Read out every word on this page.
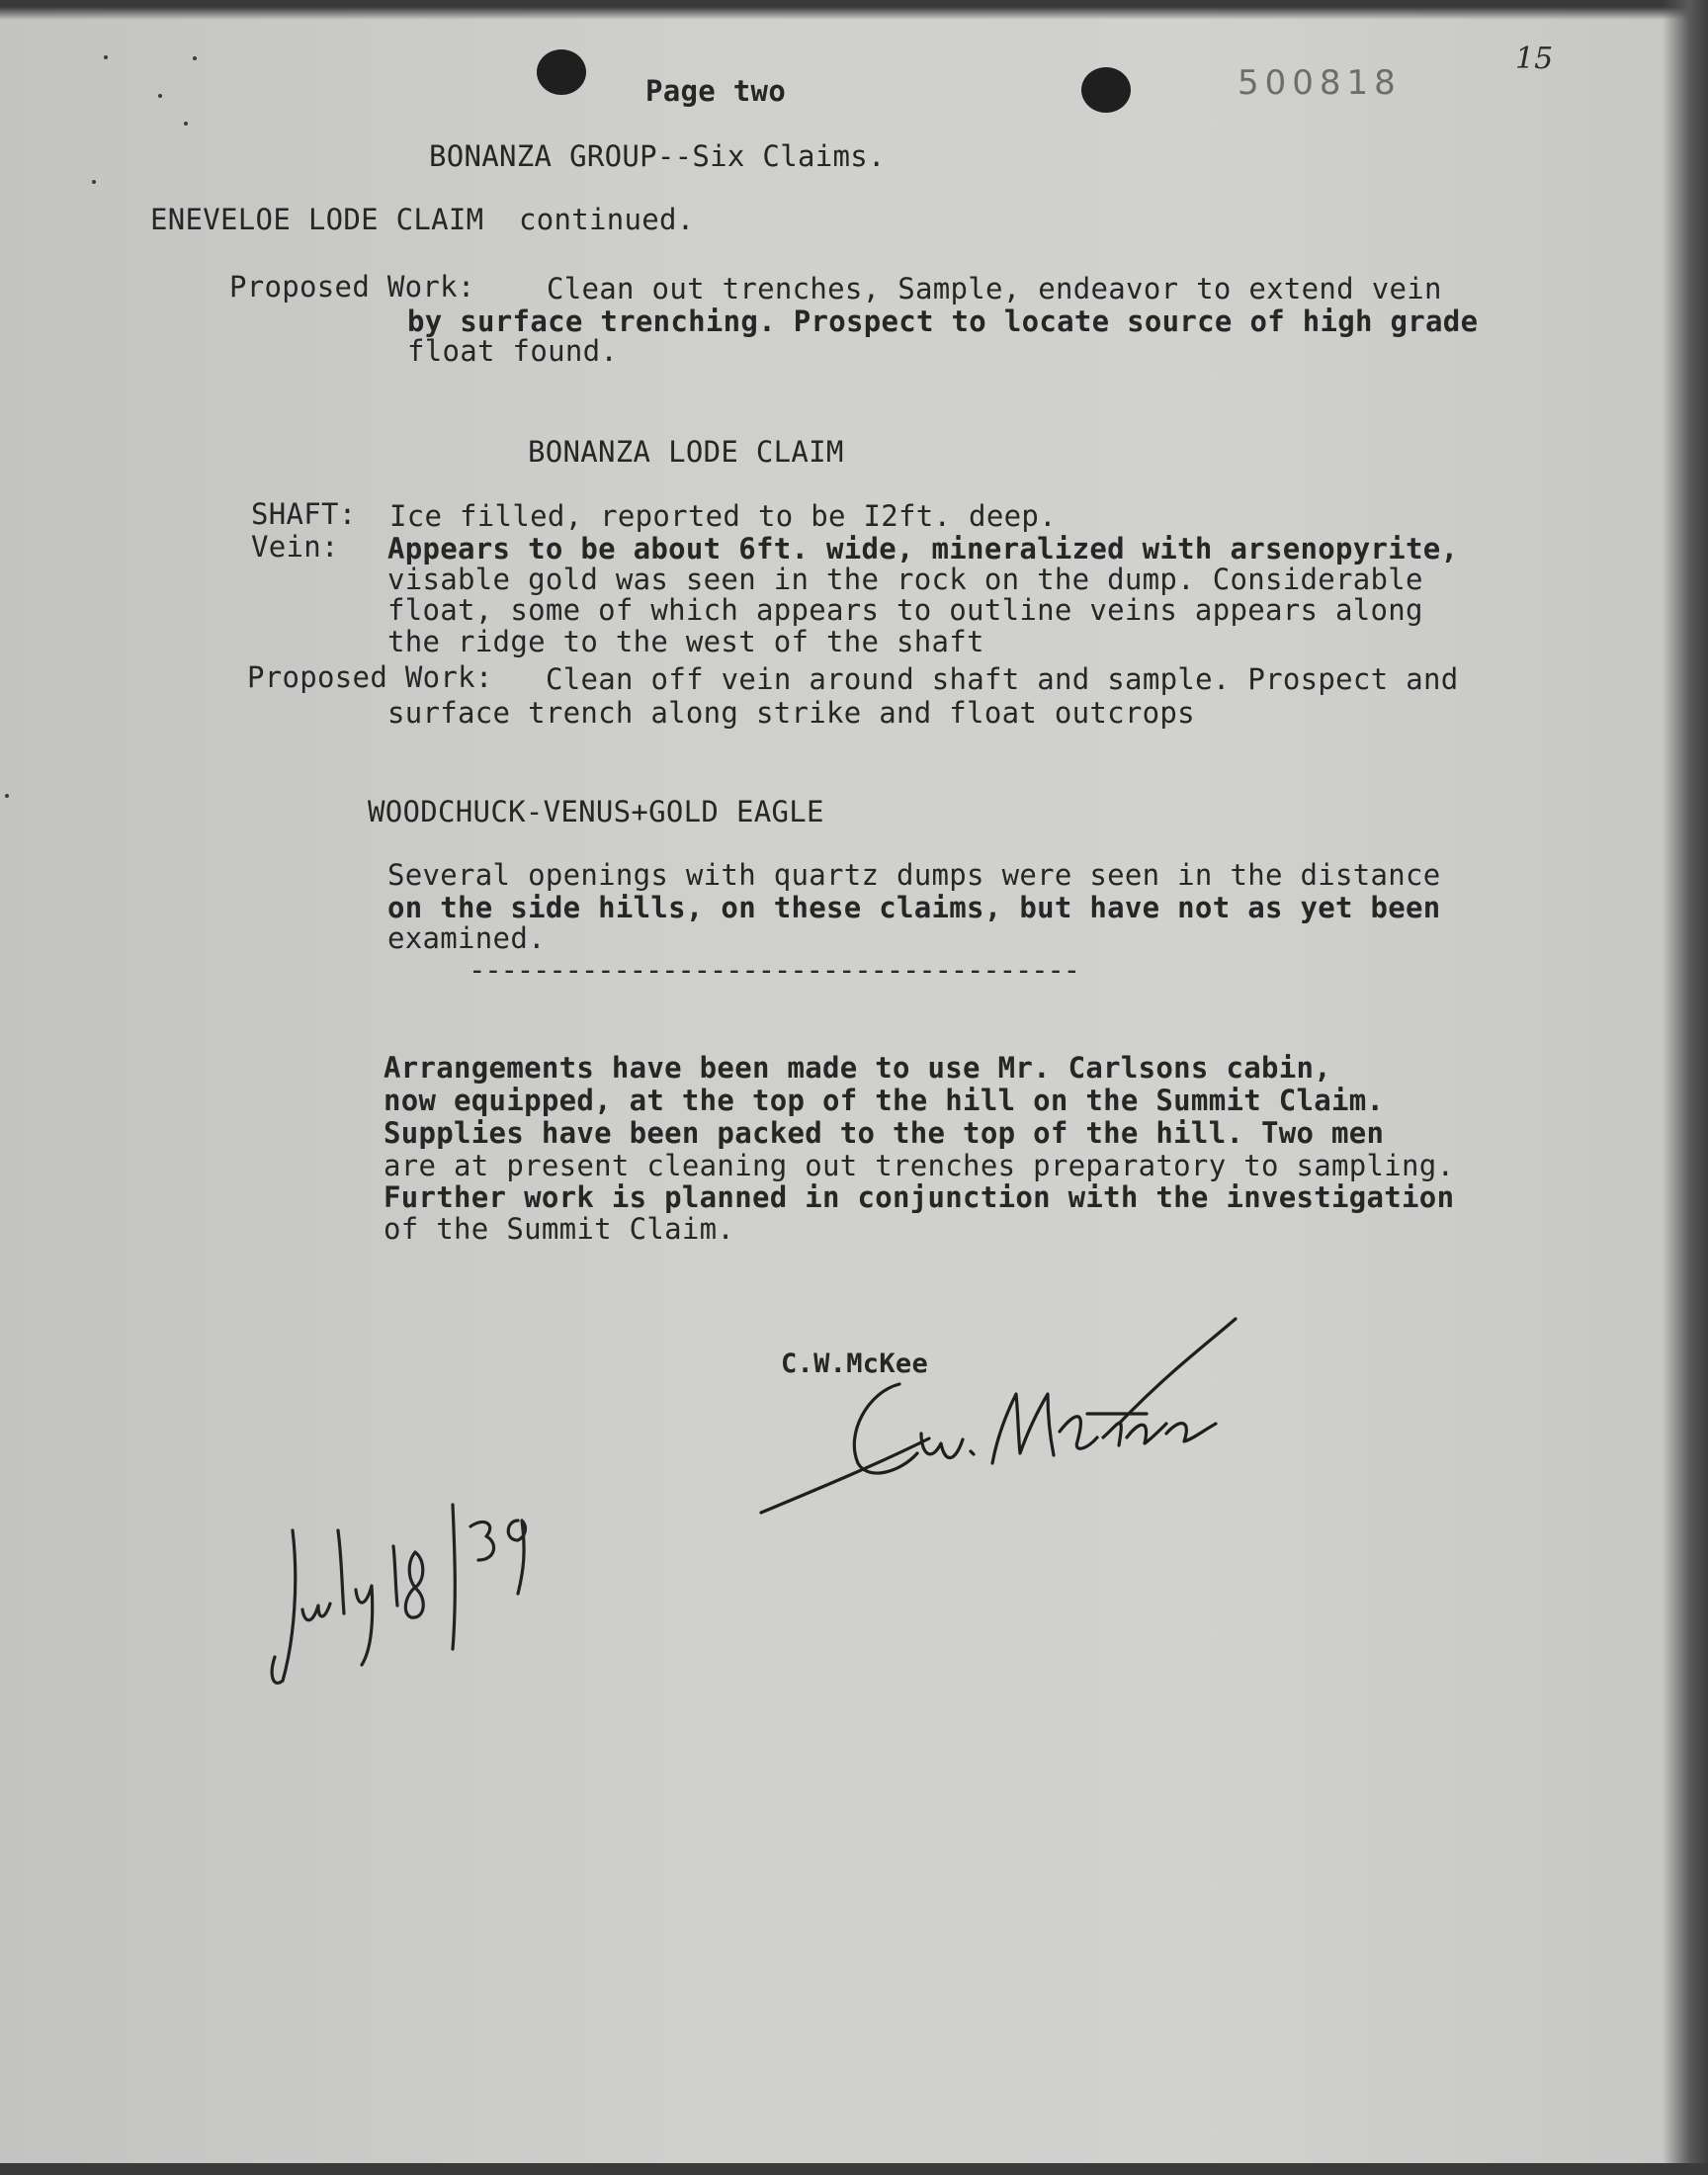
Page two	500818
15
BONANZA GROUP--Six Claims.
ENEVELOE LODE CLAIM  continued.
Proposed Work: Clean out trenches, Sample, endeavor to extend vein
by surface trenching. Prospect to locate source of high grade
float found.
BONANZA LODE CLAIM
SHAFT: Ice filled, reported to be I2ft. deep.
Vein: Appears to be about 6ft. wide, mineralized with arsenopyrite,
visable gold was seen in the rock on the dump. Considerable
float, some of which appears to outline veins appears along
the ridge to the west of the shaft
Proposed Work: Clean off vein around shaft and sample. Prospect and
surface trench along strike and float outcrops
WOODCHUCK-VENUS+GOLD EAGLE
Several openings with quartz dumps were seen in the distance
on the side hills, on these claims, but have not as yet been
examined.
--------------------------------------
Arrangements have been made to use Mr. Carlsons cabin,
now equipped, at the top of the hill on the Summit Claim.
Supplies have been packed to the top of the hill. Two men
are at present cleaning out trenches preparatory to sampling.
Further work is planned in conjunction with the investigation
of the Summit Claim.
C.W.McKee
